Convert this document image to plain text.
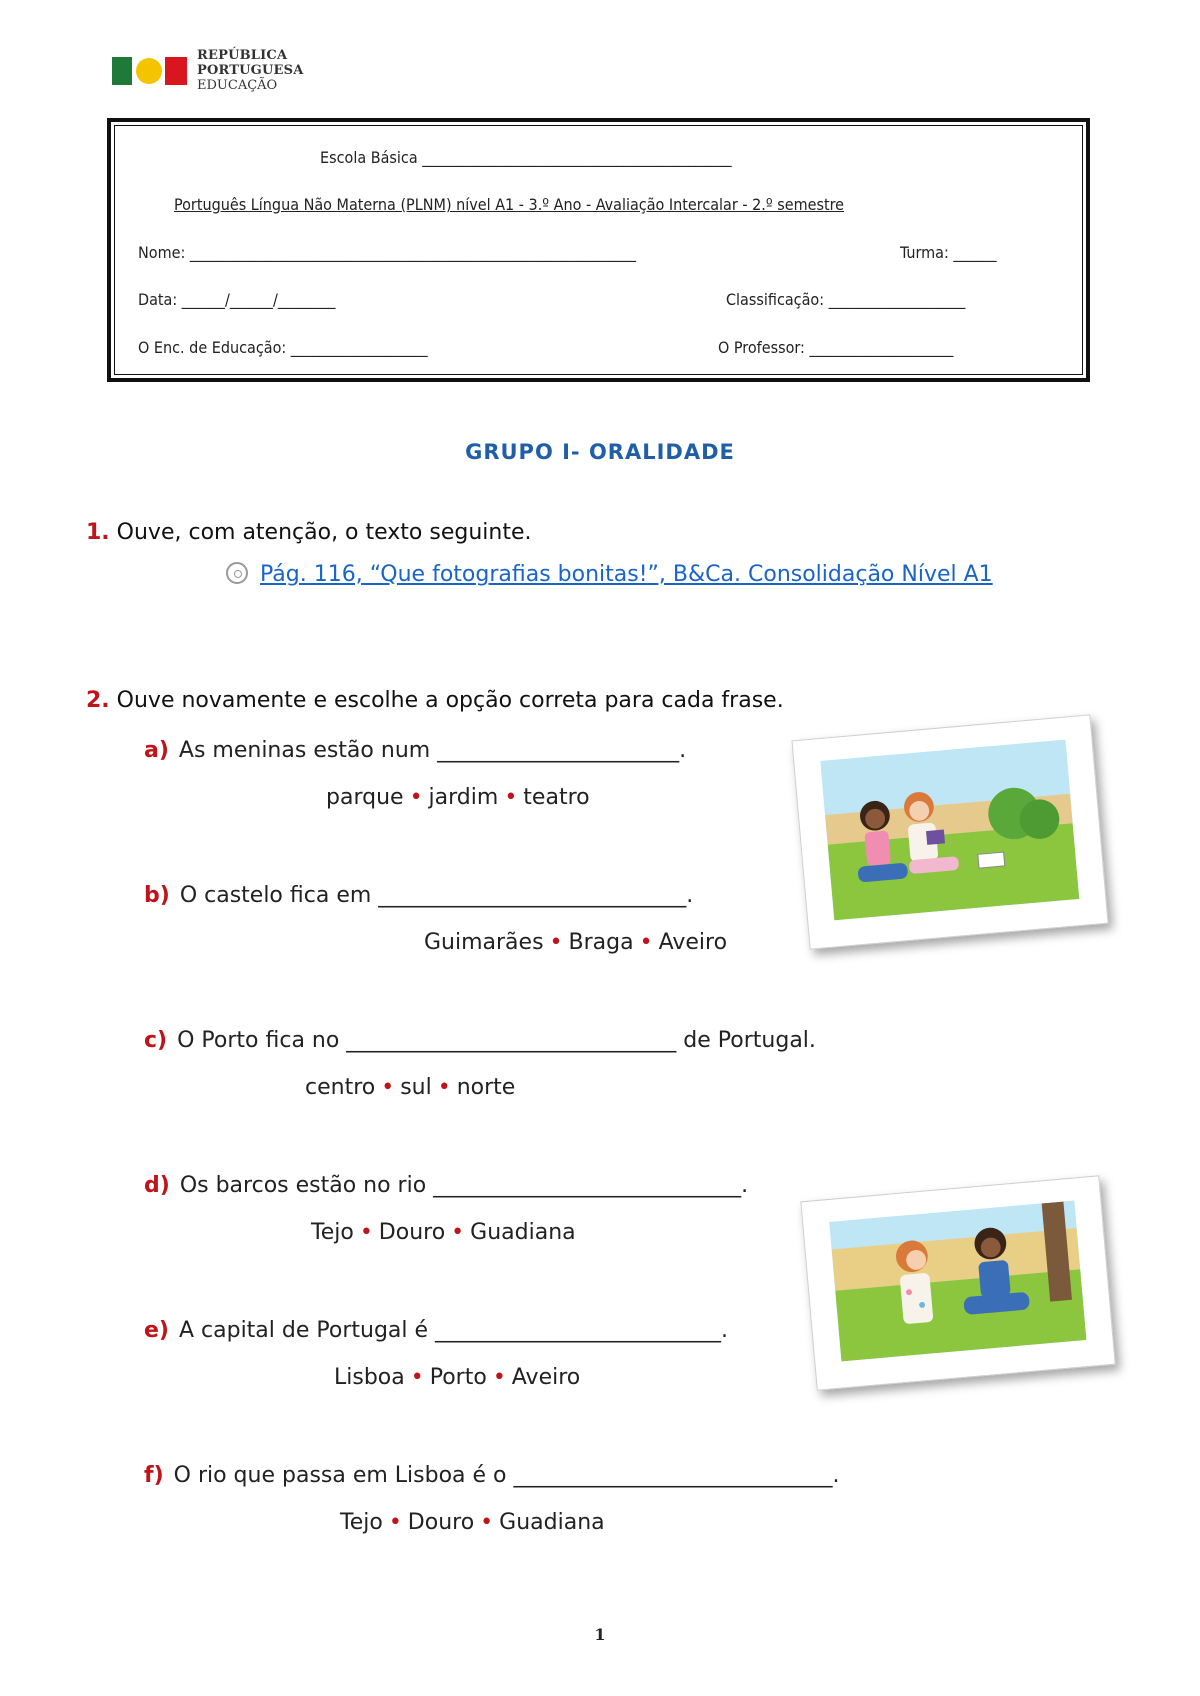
REPÚBLICA
PORTUGUESA
EDUCAÇÃO
Escola Básica ___________________________________________
Português Língua Não Materna (PLNM) nível A1 - 3.º Ano - Avaliação Intercalar - 2.º semestre
Nome: ______________________________________________________________	Turma: ______
Data: ______/______/________	Classificação: ___________________
O Enc. de Educação: ___________________	O Professor: ____________________
GRUPO I- ORALIDADE
1. Ouve, com atenção, o texto seguinte.
Pág. 116, “Que fotografias bonitas!”, B&Ca. Consolidação Nível A1
2. Ouve novamente e escolhe a opção correta para cada frase.
a) As meninas estão num ______________________.
parque • jardim • teatro
b) O castelo fica em ____________________________.
Guimarães • Braga • Aveiro
c) O Porto fica no ______________________________ de Portugal.
centro • sul • norte
d) Os barcos estão no rio ____________________________.
Tejo • Douro • Guadiana
e) A capital de Portugal é __________________________.
Lisboa • Porto • Aveiro
f) O rio que passa em Lisboa é o _____________________________.
Tejo • Douro • Guadiana
1
